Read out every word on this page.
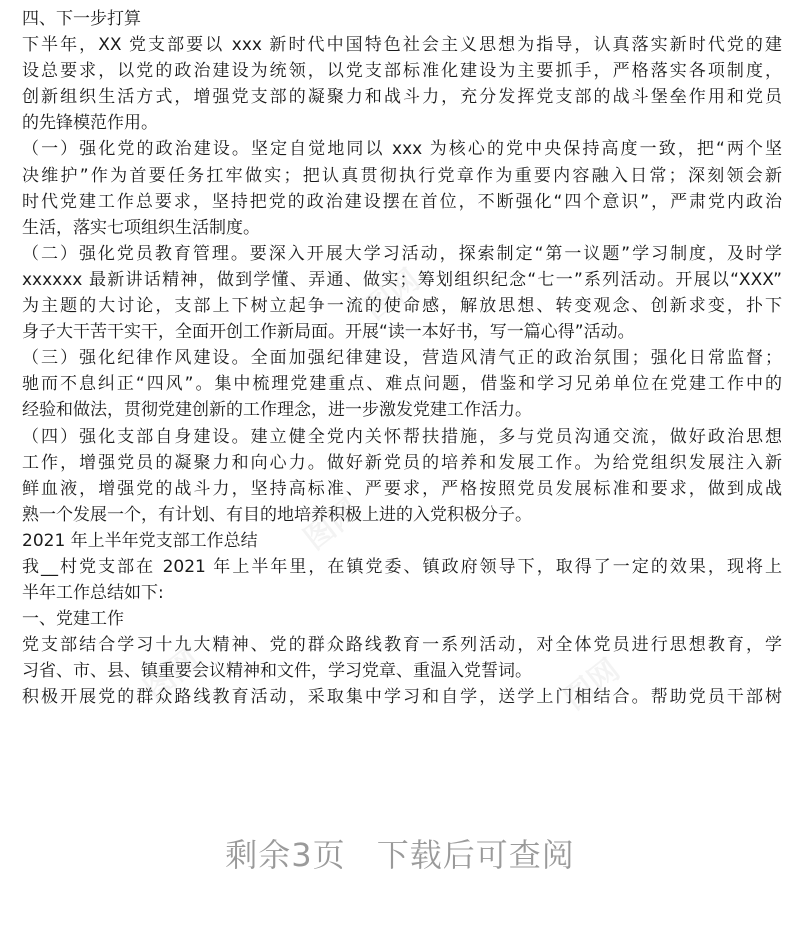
四、下一步打算
下半年，XX 党支部要以 xxx 新时代中国特色社会主义思想为指导，认真落实新时代党的建
设总要求，以党的政治建设为统领，以党支部标准化建设为主要抓手，严格落实各项制度，
创新组织生活方式，增强党支部的凝聚力和战斗力，充分发挥党支部的战斗堡垒作用和党员
的先锋模范作用。
（一）强化党的政治建设。坚定自觉地同以 xxx 为核心的党中央保持高度一致，把“两个坚
决维护”作为首要任务扛牢做实；把认真贯彻执行党章作为重要内容融入日常；深刻领会新
时代党建工作总要求，坚持把党的政治建设摆在首位，不断强化“四个意识”，严肃党内政治
生活，落实七项组织生活制度。
（二）强化党员教育管理。要深入开展大学习活动，探索制定“第一议题”学习制度，及时学
xxxxxx 最新讲话精神，做到学懂、弄通、做实；筹划组织纪念“七一”系列活动。开展以“XXX”
为主题的大讨论，支部上下树立起争一流的使命感，解放思想、转变观念、创新求变，扑下
身子大干苦干实干，全面开创工作新局面。开展“读一本好书，写一篇心得”活动。
（三）强化纪律作风建设。全面加强纪律建设，营造风清气正的政治氛围；强化日常监督；
驰而不息纠正“四风”。集中梳理党建重点、难点问题，借鉴和学习兄弟单位在党建工作中的
经验和做法，贯彻党建创新的工作理念，进一步激发党建工作活力。
（四）强化支部自身建设。建立健全党内关怀帮扶措施，多与党员沟通交流，做好政治思想
工作，增强党员的凝聚力和向心力。做好新党员的培养和发展工作。为给党组织发展注入新
鲜血液，增强党的战斗力，坚持高标准、严要求，严格按照党员发展标准和要求，做到成战
熟一个发展一个，有计划、有目的地培养积极上进的入党积极分子。
2021 年上半年党支部工作总结
我__村党支部在 2021 年上半年里，在镇党委、镇政府领导下，取得了一定的效果，现将上
半年工作总结如下:
一、党建工作
党支部结合学习十九大精神、党的群众路线教育一系列活动，对全体党员进行思想教育，学
习省、市、县、镇重要会议精神和文件，学习党章、重温入党誓词。
积极开展党的群众路线教育活动，采取集中学习和自学，送学上门相结合。帮助党员干部树
剩余3页 下载后可查阅
